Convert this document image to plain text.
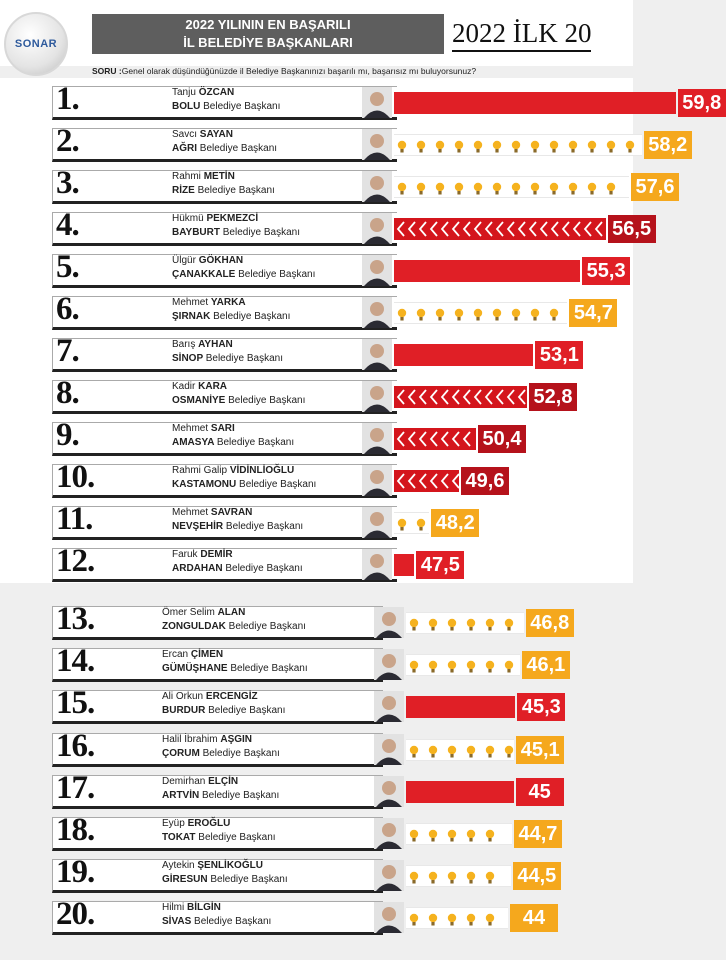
SONAR
2022 YILININ EN BAŞARILI
İL BELEDİYE BAŞKANLARI	2022 İLK 20
SORU :Genel olarak düşündüğünüzde il Belediye Başkanınızı başarılı mı, başarısız mı buluyorsunuz?
1.	Tanju ÖZCAN
BOLU Belediye Başkanı	59,8
2.	Savcı SAYAN
AĞRI Belediye Başkanı	58,2
3.	Rahmi METİN
RİZE Belediye Başkanı	57,6
4.	Hükmü PEKMEZCİ
BAYBURT Belediye Başkanı	56,5
5.	Ülgür GÖKHAN
ÇANAKKALE Belediye Başkanı	55,3
6.	Mehmet YARKA
ŞIRNAK Belediye Başkanı	54,7
7.	Barış AYHAN
SİNOP Belediye Başkanı	53,1
8.	Kadir KARA
OSMANİYE Belediye Başkanı	52,8
9.	Mehmet SARI
AMASYA Belediye Başkanı	50,4
10.	Rahmi Galip VİDİNLİOĞLU
KASTAMONU Belediye Başkanı	49,6
11.	Mehmet SAVRAN
NEVŞEHİR Belediye Başkanı	48,2
12.	Faruk DEMİR
ARDAHAN Belediye Başkanı	47,5
13.	Ömer Selim ALAN
ZONGULDAK Belediye Başkanı	46,8
14.	Ercan ÇİMEN
GÜMÜŞHANE Belediye Başkanı	46,1
15.	Ali Orkun ERCENGİZ
BURDUR Belediye Başkanı	45,3
16.	Halil İbrahim AŞGIN
ÇORUM Belediye Başkanı	45,1
17.	Demirhan ELÇİN
ARTVİN Belediye Başkanı	45
18.	Eyüp EROĞLU
TOKAT Belediye Başkanı	44,7
19.	Aytekin ŞENLİKOĞLU
GİRESUN Belediye Başkanı	44,5
20.	Hilmi BİLGİN
SİVAS Belediye Başkanı	44
